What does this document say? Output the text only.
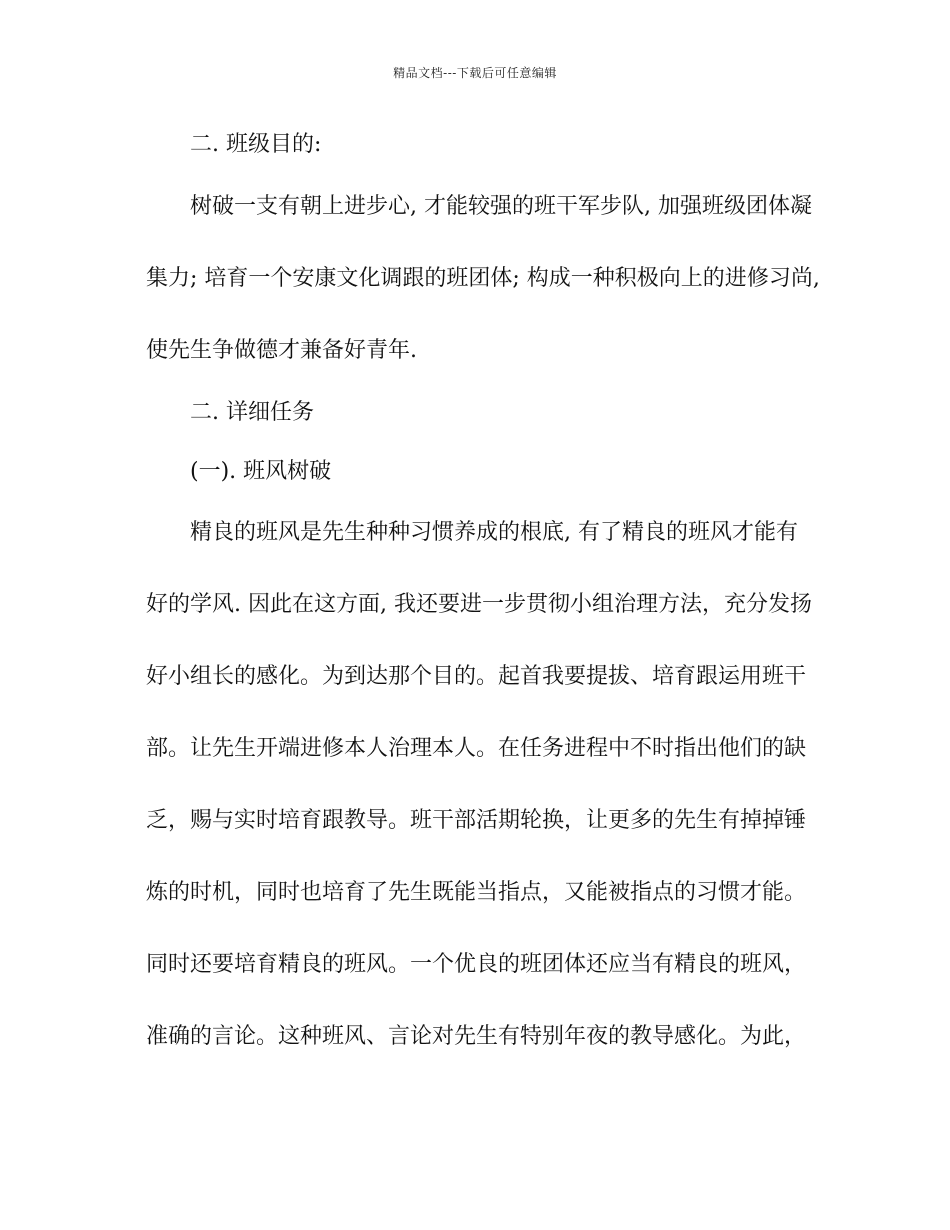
精品文档---下载后可任意编辑
二. 班级目的:
树破一支有朝上进步心, 才能较强的班干军步队, 加强班级团体凝
集力; 培育一个安康文化调跟的班团体; 构成一种积极向上的进修习尚,
使先生争做德才兼备好青年.
二. 详细任务
(一). 班风树破
精良的班风是先生种种习惯养成的根底, 有了精良的班风才能有
好的学风. 因此在这方面, 我还要进一步贯彻小组治理方法，充分发扬
好小组长的感化。为到达那个目的。起首我要提拔、培育跟运用班干
部。让先生开端进修本人治理本人。在任务进程中不时指出他们的缺
乏，赐与实时培育跟教导。班干部活期轮换，让更多的先生有掉掉锤
炼的时机，同时也培育了先生既能当指点，又能被指点的习惯才能。
同时还要培育精良的班风。一个优良的班团体还应当有精良的班风，
准确的言论。这种班风、言论对先生有特别年夜的教导感化。为此，
